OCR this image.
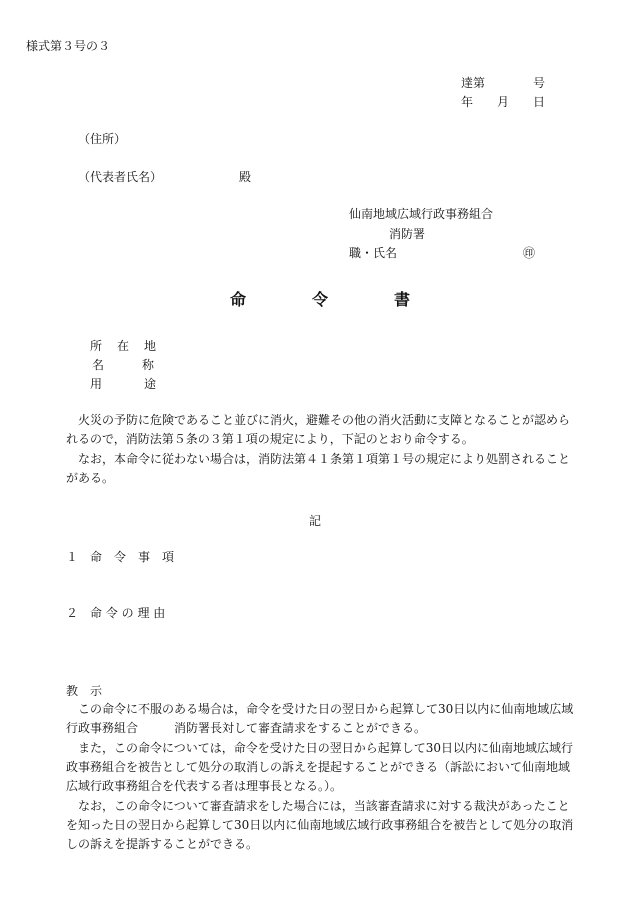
様式第３号の３

達第　　　　号

年　　月　　日

（住所）

（代表者氏名）	殿

仙南地域広域行政事務組合

消防署

職・氏名	㊞

命	令	書
所 在 地
名	称
用	途

火災の予防に危険であること並びに消火，避難その他の消火活動に支障となることが認められるので，消防法第５条の３第１項の規定により，下記のとおり命令する。

なお，本命令に従わない場合は，消防法第４１条第１項第１号の規定により処罰されることがある。

記

１　命　令　事　項

２　命 令 の 理 由

教　示

この命令に不服のある場合は，命令を受けた日の翌日から起算して30日以内に仙南地域広域行政事務組合　　　消防署長対して審査請求をすることができる。

また，この命令については，命令を受けた日の翌日から起算して30日以内に仙南地域広域行政事務組合を被告として処分の取消しの訴えを提起することができる（訴訟において仙南地域広域行政事務組合を代表する者は理事長となる。）。

なお，この命令について審査請求をした場合には，当該審査請求に対する裁決があったことを知った日の翌日から起算して30日以内に仙南地域広域行政事務組合を被告として処分の取消しの訴えを提訴することができる。
